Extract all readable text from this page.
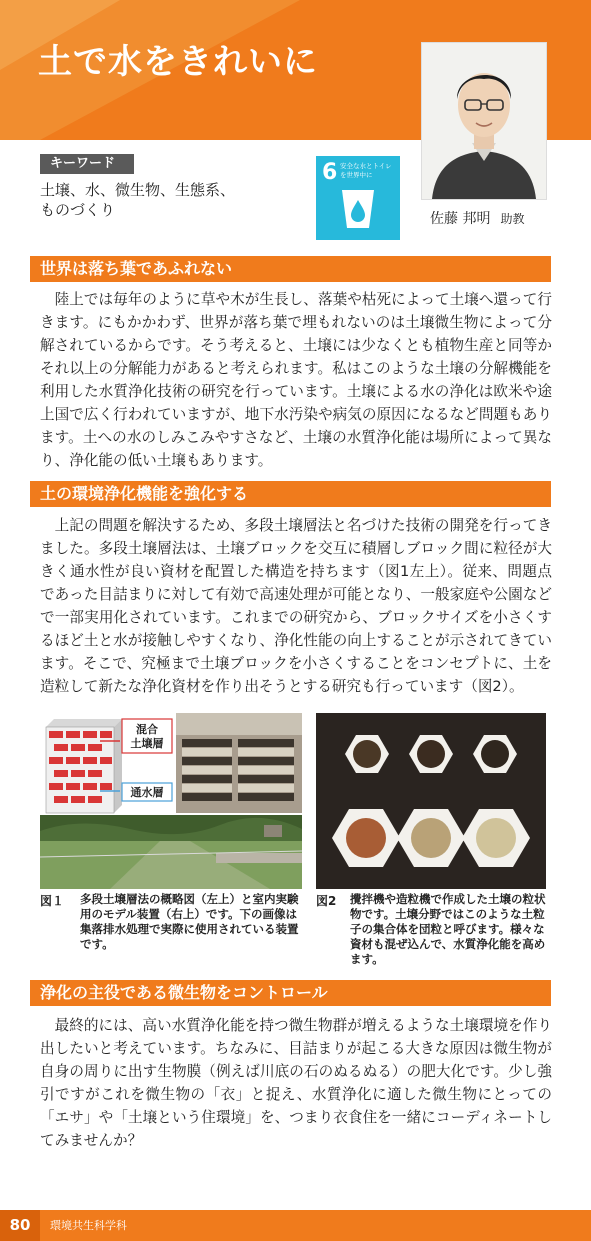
土で水をきれいに
佐藤 邦明 助教
キーワード
土壌、水、微生物、生態系、
ものづくり
6 安全な水とトイレ
を世界中に
世界は落ち葉であふれない

陸上では毎年のように草や木が生長し、落葉や枯死によって土壌へ還って行きます。にもかかわず、世界が落ち葉で埋もれないのは土壌微生物によって分解されているからです。そう考えると、土壌には少なくとも植物生産と同等かそれ以上の分解能力があると考えられます。私はこのような土壌の分解機能を利用した水質浄化技術の研究を行っています。土壌による水の浄化は欧米や途上国で広く行われていますが、地下水汚染や病気の原因になるなど問題もあります。土への水のしみこみやすさなど、土壌の水質浄化能は場所によって異なり、浄化能の低い土壌もあります。

土の環境浄化機能を強化する

上記の問題を解決するため、多段土壌層法と名づけた技術の開発を行ってきました。多段土壌層法は、土壌ブロックを交互に積層しブロック間に粒径が大きく通水性が良い資材を配置した構造を持ちます（図1左上）。従来、問題点であった目詰まりに対して有効で高速处理が可能となり、一般家庭や公園などで一部実用化されています。これまでの研究から、ブロックサイズを小さくするほど土と水が接触しやすくなり、浄化性能の向上することが示されてきています。そこで、究極まで土壌ブロックを小さくすることをコンセプトに、土を造粒して新たな浄化資材を作り出そうとする研究も行っています（図2）。

混合
土壌層
通水層
図１ 多段土壌層法の概略図（左上）と室内実験用のモデル装置（右上）です。下の画像は集落排水処理で実際に使用されている装置です。
図2 攪拌機や造粒機で作成した土壌の粒状物です。土壌分野ではこのような土粒子の集合体を団粒と呼びます。様々な資材も混ぜ込んで、水質浄化能を高めます。
浄化の主役である微生物をコントロール

最終的には、高い水質浄化能を持つ微生物群が増えるような土壌環境を作り出したいと考えています。ちなみに、目詰まりが起こる大きな原因は微生物が自身の周りに出す生物膜（例えば川底の石のぬるぬる）の肥大化です。少し強引ですがこれを微生物の「衣」と捉え、水質浄化に適した微生物にとっての「エサ」や「土壌という住環境」を、つまり衣食住を一緒にコーディネートしてみませんか？

80	環境共生科学科
